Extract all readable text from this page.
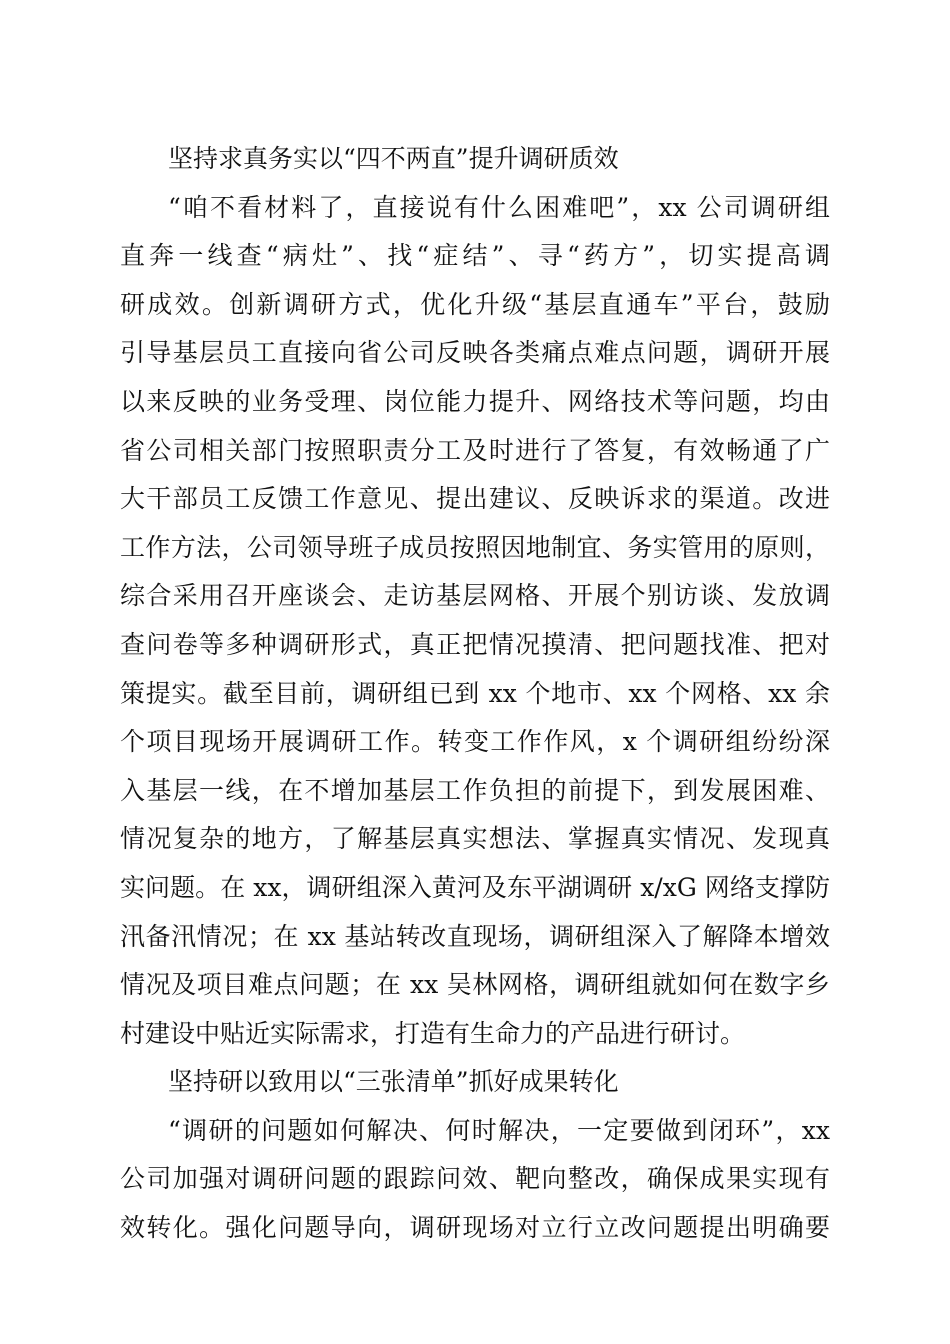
坚持求真务实以“四不两直”提升调研质效
“咱不看材料了，直接说有什么困难吧”，xx 公司调研组
直奔一线查“病灶”、找“症结”、寻“药方”，切实提高调
研成效。创新调研方式，优化升级“基层直通车”平台，鼓励
引导基层员工直接向省公司反映各类痛点难点问题，调研开展
以来反映的业务受理、岗位能力提升、网络技术等问题，均由
省公司相关部门按照职责分工及时进行了答复，有效畅通了广
大干部员工反馈工作意见、提出建议、反映诉求的渠道。改进
工作方法，公司领导班子成员按照因地制宜、务实管用的原则，
综合采用召开座谈会、走访基层网格、开展个别访谈、发放调
查问卷等多种调研形式，真正把情况摸清、把问题找准、把对
策提实。截至目前，调研组已到 xx 个地市、xx 个网格、xx 余
个项目现场开展调研工作。转变工作作风，x 个调研组纷纷深
入基层一线，在不增加基层工作负担的前提下，到发展困难、
情况复杂的地方，了解基层真实想法、掌握真实情况、发现真
实问题。在 xx，调研组深入黄河及东平湖调研 x/xG 网络支撑防
汛备汛情况；在 xx 基站转改直现场，调研组深入了解降本增效
情况及项目难点问题；在 xx 吴林网格，调研组就如何在数字乡
村建设中贴近实际需求，打造有生命力的产品进行研讨。
坚持研以致用以“三张清单”抓好成果转化
“调研的问题如何解决、何时解决，一定要做到闭环”，xx
公司加强对调研问题的跟踪问效、靶向整改，确保成果实现有
效转化。强化问题导向，调研现场对立行立改问题提出明确要
